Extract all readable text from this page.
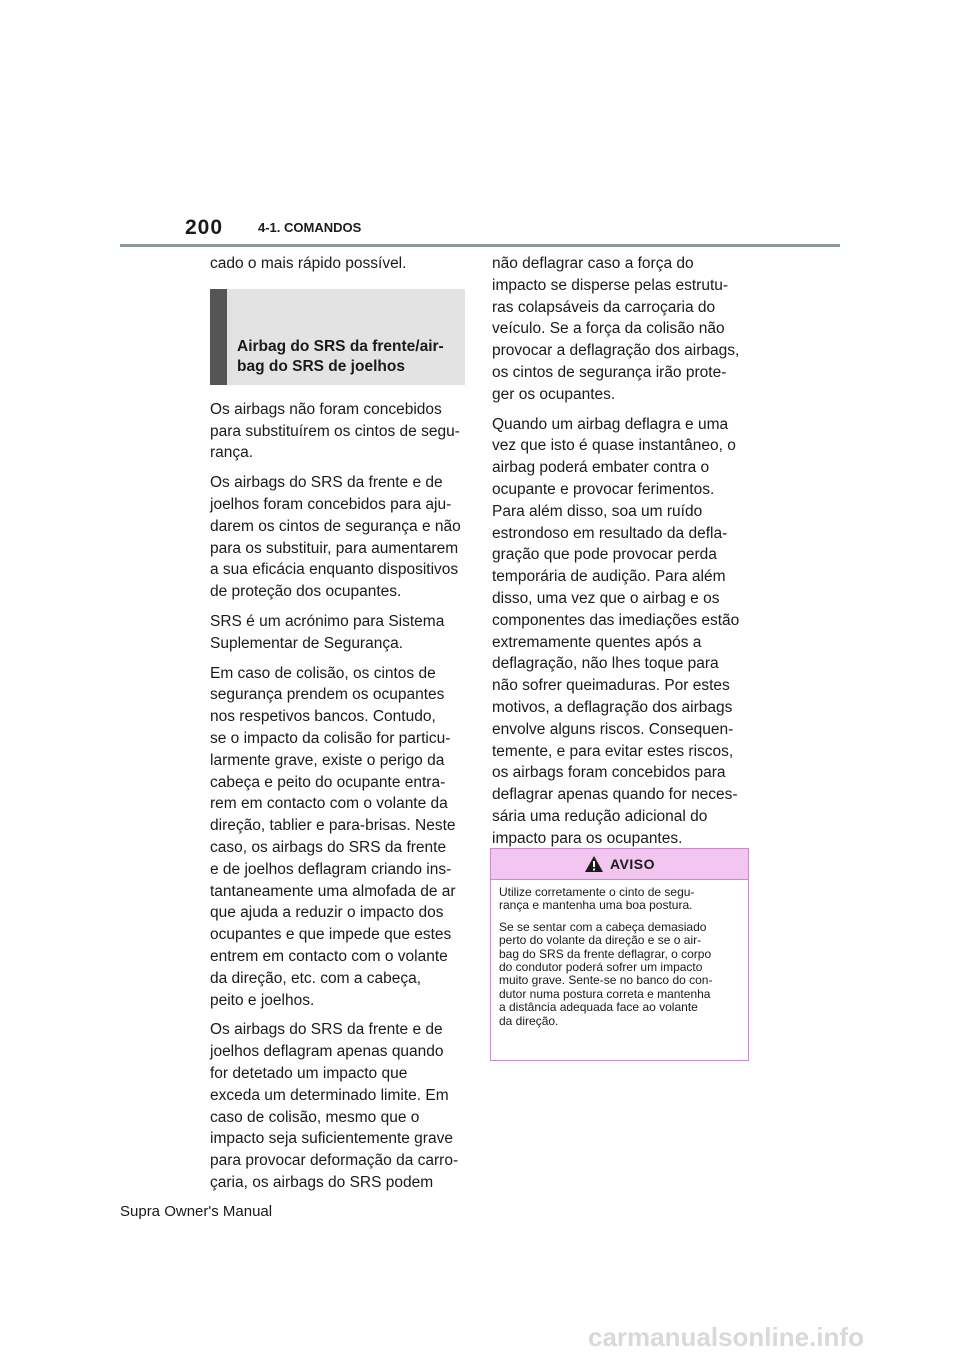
200	4-1. COMANDOS

cado o mais rápido possível.

Airbag do SRS da frente/air-
bag do SRS de joelhos

Os airbags não foram concebidos
para substituírem os cintos de segu-
rança.

Os airbags do SRS da frente e de
joelhos foram concebidos para aju-
darem os cintos de segurança e não
para os substituir, para aumentarem
a sua eficácia enquanto dispositivos
de proteção dos ocupantes.

SRS é um acrónimo para Sistema
Suplementar de Segurança.

Em caso de colisão, os cintos de
segurança prendem os ocupantes
nos respetivos bancos. Contudo,
se o impacto da colisão for particu-
larmente grave, existe o perigo da
cabeça e peito do ocupante entra-
rem em contacto com o volante da
direção, tablier e para-brisas. Neste
caso, os airbags do SRS da frente
e de joelhos deflagram criando ins-
tantaneamente uma almofada de ar
que ajuda a reduzir o impacto dos
ocupantes e que impede que estes
entrem em contacto com o volante
da direção, etc. com a cabeça,
peito e joelhos.

Os airbags do SRS da frente e de
joelhos deflagram apenas quando
for detetado um impacto que
exceda um determinado limite. Em
caso de colisão, mesmo que o
impacto seja suficientemente grave
para provocar deformação da carro-
çaria, os airbags do SRS podem

não deflagrar caso a força do
impacto se disperse pelas estrutu-
ras colapsáveis da carroçaria do
veículo. Se a força da colisão não
provocar a deflagração dos airbags,
os cintos de segurança irão prote-
ger os ocupantes.

Quando um airbag deflagra e uma
vez que isto é quase instantâneo, o
airbag poderá embater contra o
ocupante e provocar ferimentos.
Para além disso, soa um ruído
estrondoso em resultado da defla-
gração que pode provocar perda
temporária de audição. Para além
disso, uma vez que o airbag e os
componentes das imediações estão
extremamente quentes após a
deflagração, não lhes toque para
não sofrer queimaduras. Por estes
motivos, a deflagração dos airbags
envolve alguns riscos. Consequen-
temente, e para evitar estes riscos,
os airbags foram concebidos para
deflagrar apenas quando for neces-
sária uma redução adicional do
impacto para os ocupantes.

AVISO

Utilize corretamente o cinto de segu-
rança e mantenha uma boa postura.

Se se sentar com a cabeça demasiado
perto do volante da direção e se o air-
bag do SRS da frente deflagrar, o corpo
do condutor poderá sofrer um impacto
muito grave. Sente-se no banco do con-
dutor numa postura correta e mantenha
a distância adequada face ao volante
da direção.

Supra Owner's Manual
carmanualsonline.info
